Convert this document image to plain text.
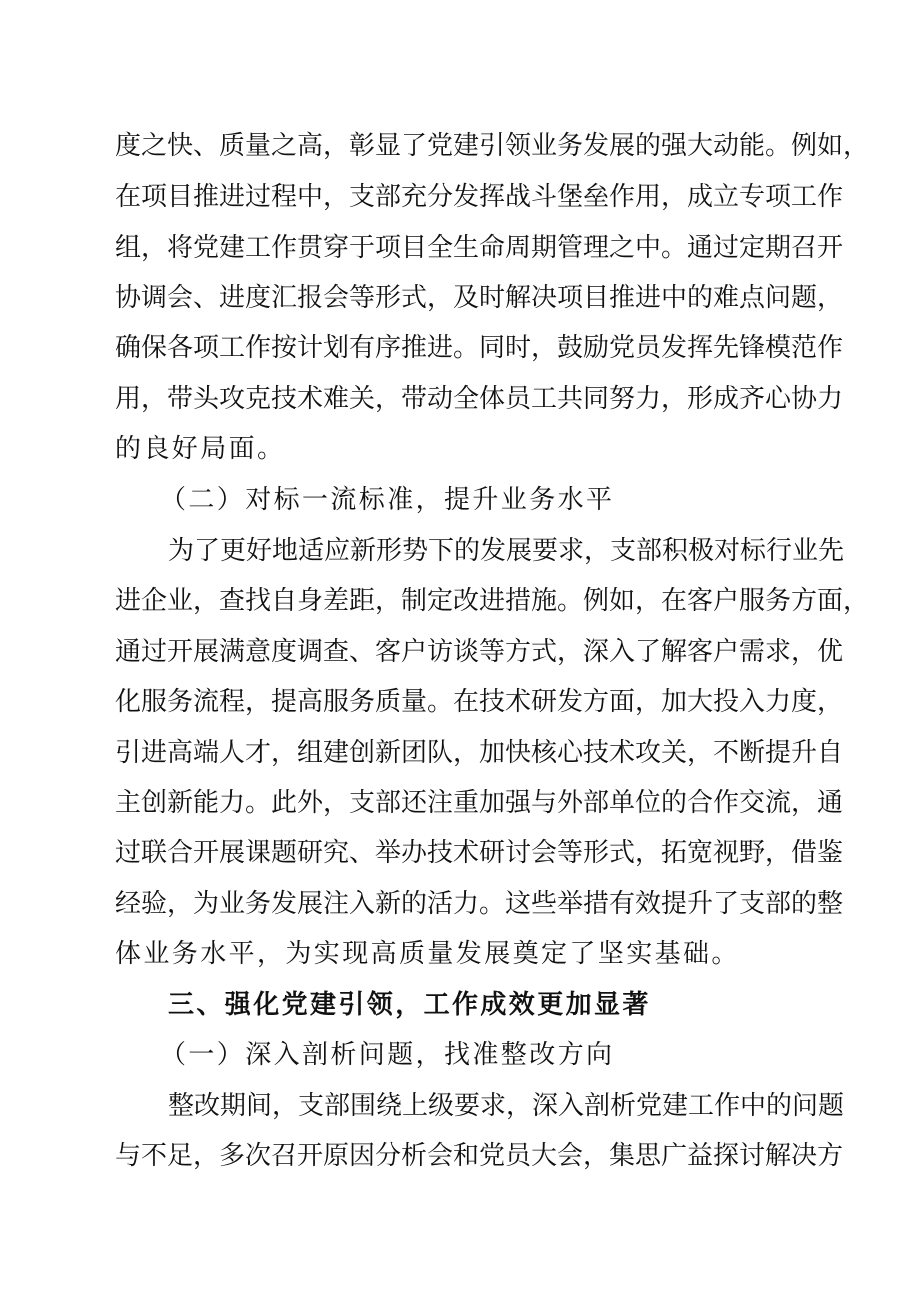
度之快、质量之高，彰显了党建引领业务发展的强大动能。例如，
在项目推进过程中，支部充分发挥战斗堡垒作用，成立专项工作
组，将党建工作贯穿于项目全生命周期管理之中。通过定期召开
协调会、进度汇报会等形式，及时解决项目推进中的难点问题，
确保各项工作按计划有序推进。同时，鼓励党员发挥先锋模范作
用，带头攻克技术难关，带动全体员工共同努力，形成齐心协力
的良好局面。
（二）对标一流标准，提升业务水平
为了更好地适应新形势下的发展要求，支部积极对标行业先
进企业，查找自身差距，制定改进措施。例如，在客户服务方面，
通过开展满意度调查、客户访谈等方式，深入了解客户需求，优
化服务流程，提高服务质量。在技术研发方面，加大投入力度，
引进高端人才，组建创新团队，加快核心技术攻关，不断提升自
主创新能力。此外，支部还注重加强与外部单位的合作交流，通
过联合开展课题研究、举办技术研讨会等形式，拓宽视野，借鉴
经验，为业务发展注入新的活力。这些举措有效提升了支部的整
体业务水平，为实现高质量发展奠定了坚实基础。
三、强化党建引领，工作成效更加显著
（一）深入剖析问题，找准整改方向
整改期间，支部围绕上级要求，深入剖析党建工作中的问题
与不足，多次召开原因分析会和党员大会，集思广益探讨解决方
